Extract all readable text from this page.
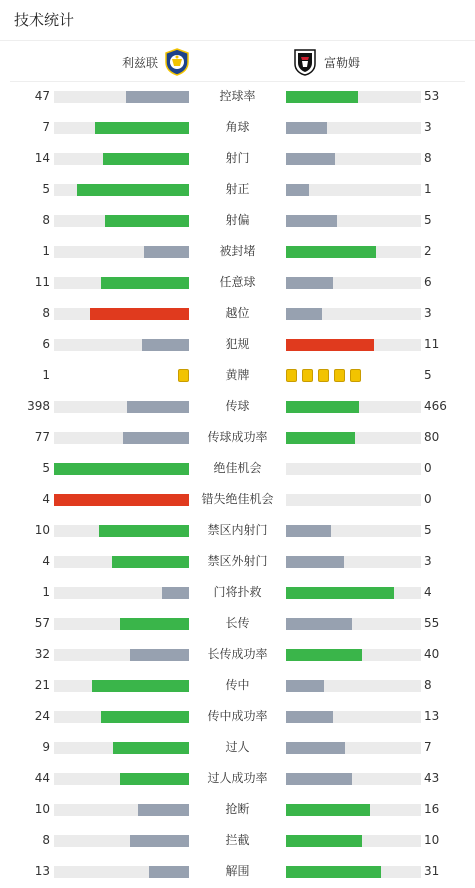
技术统计
利兹联	富勒姆
47	控球率	53
7	角球	3
14	射门	8
5	射正	1
8	射偏	5
1	被封堵	2
11	任意球	6
8	越位	3
6	犯规	11
1	黄牌	5
398	传球	466
77	传球成功率	80
5	绝佳机会	0
4	错失绝佳机会	0
10	禁区内射门	5
4	禁区外射门	3
1	门将扑救	4
57	长传	55
32	长传成功率	40
21	传中	8
24	传中成功率	13
9	过人	7
44	过人成功率	43
10	抢断	16
8	拦截	10
13	解围	31
